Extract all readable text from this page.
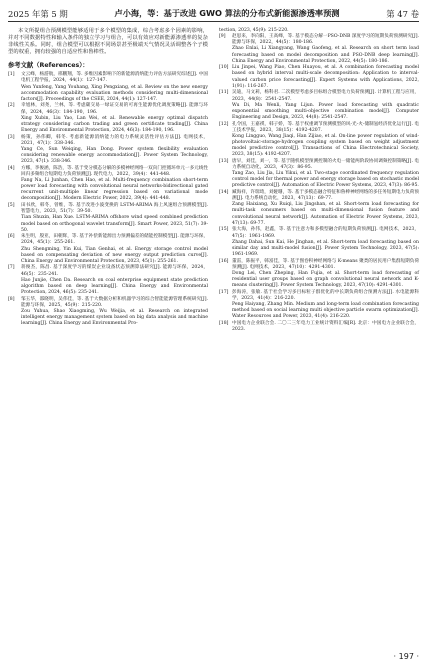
2025 年第 5 期	卢小海，等：基于改进 GWO 算法的分布式新能源渗透率预测	第 47 卷

本文所提组合预测模型能够适用于多个模型的集成，综合考虑多个因素的影响，并对不同数据特性和输入条件的独立学习与组合，可以有效应对新能源渗透率的复杂非线性关系。同时，组合模型可以根据不同场景甚至极端天气情况灵活调整各个子模型的权重，拥有较强的自适应性和鲁棒性。

参考文献（References）：
[1]	文云峰，杨游航，邢鹏翔，等. 多维因素影响下的新能源消纳能力评估方法研究综述[J]. 中国电机工程学报，2024，44(1)：127-147.
Wen Yunfeng, Yang Youhang, Xing Pengxiang, et al. Review on the new energy accommodation capability evaluation methods considering multi-dimensional factors[J]. Proceedings of the CSEE, 2024, 44(1): 127-147.
[2]	幸旭林，刘尧，兰林，等. 考虑碳交易一绿证交易的可再生能源优化调度策略[J]. 能源与环保，2024，46(3)：184-190，196.
Xing Xubin, Liu Yao, Lan Wei, et al. Renewable energy optimal dispatch strategy considering carbon trading and green certificate trading[J]. China Energy and Environmental Protection, 2024, 46(3): 184-190, 196.
[3]	杨策，孙伟卿，韩冬. 考虑新能源消纳能力的电力系统灵活性评估方法[J]. 电网技术，2021，47(1)：338-346.
Yang Ce, Sun Weiqing, Han Dong. Power system flexibility evaluation considering renewable energy accommodation[J]. Power System Technology, 2023, 47(1): 338-346.
[4]	方娜，李俊涵，陈浩，等. 基于变分模态分解的多模神经网络一双向门控循环单元一多元线性回归多频组合短期电力负荷预测[J]. 现代电力，2022，39(4)：441-448.
Fang Na, Li Junhan, Chen Hao, et al. Multi-frequency combination short-term power load forecasting with convolutional neural networks-bidirectional gated recurrent unit-multiple linear regression based on variational mode decomposition[J]. Modern Electric Power, 2022, 39(4): 441-448.
[5]	田书欣，韩冬，曾维，等. 基于改进小波变换的 LSTM-ARIMA 海上风速组合预测模型[J]. 智慧电力，2023，51(7)：39-50.
Tian Shuxin, Han Xue. LSTM-ARIMA offshore wind speed combined prediction model based on orthogonal wavelet transform[J]. Smart Power, 2023, 51(7): 39-50.
[6]	朱生明，殷亚，田朝辉，等. 基于补偿新能源出力预测偏差的储能控制模型[J]. 能源与环保，2024，45(1)：255-261.
Zhu Shengming, Yin Kui, Tian Genhai, et al. Energy storage control model based on compensating deviation of new energy output prediction curve[J]. China Energy and Environmental Protection, 2023, 45(1): 255-261.
[7]	蒋俊杰，陈昌. 基于深度学习的煤炭企业设备状态预测算法研究[J]. 能源与环保，2024，46(5)：235-241.
Hao Junjie, Chen Da. Research on coal enterprise equipment state prediction algorithm based on deep learning[J]. China Energy and Environmental Protection, 2024, 46(5): 235-241.
[8]	邹玉华，邵晓明，吴伟佳，等. 基于大数据分析和机器学习的综合智能能源管理系统研究[J]. 能源与环保，2025，45(9)：215-220.
Zou Yuhua, Shao Xiaogming, Wu Weijia, et al. Research on integrated intelligent energy management system based on big data analysis and machine learning[J]. China Energy and Environmental Pro-
tection, 2023, 45(9): 215-220.
[9]	赵思来，李向阳，王高峰，等. 基于模态分解一PSO-DNB 深度学习的短期负荷预测研究[J]. 能源与环保，2022，44(5)：180-186.
Zhao Enlai, Li Xiangyang, Wang Gaofeng, et al. Research on short term load forecasting based on model decomposition and PSO-DNB deep learning[J]. China Energy and Environmental Protection, 2022, 44(5): 180-186.
[10] Liu Jinpei, Wang Piao, Chen Huayou, et al. A combination forecasting model based on hybrid interval multi-scale decomposition: Application to interval-valued carbon price forecasting[J]. Expert Systems with Applications, 2022, 1(91): 116-267.
[11] 吴迪，马文莉，杨科君. 二次模型考虑多目标组合模型电力负荷预测[J]. 计算机工程与应用，2023，44(8)：2541-2547.
Wu Di, Ma Wenli, Yang Lijun. Power load forecasting with quadratic exponential smoothing multi-objective combination model[J]. Computer Engineering and Design, 2023, 44(8): 2541-2547.
[12] 孔令国，王嘉祺，韩子娇，等. 基于权重调节预测模型的风-光-火-储制氢经济优化运行[J]. 电工技术学报，2023，38(15)：4192-4207.
Kong Lingguo, Wang Jiaqi, Han Zijiao, et al. On-line power regulation of wind-photovoltaic-storage-hydrogen coupling system based on weight adjustment model predictive control[J]. Transactions of China Electrotechnical Society, 2023, 38(15): 4192-4207.
[13] 唐早，刘佳，刘一，等. 基于随机模型预测控制的火电一储能两阶段协同调频控制策略[J]. 电力系统自动化，2023，47(3)：86-95.
Tang Zao, Liu Jia, Liu Yikui, et al. Two-stage coordinated frequency regulation control model for thermal power and energy storage based on stochastic model predictive control[J]. Automation of Electric Power Systems, 2023, 47(3): 86-95.
[14] 臧海祥，许瑞琦，刘娅珊，等. 基于多模态融合特征和鲁棒神经网络的多任务短期电力负荷预测[J]. 电力系统自动化，2023，47(13)：69-77.
Zang Haixiang, Xu Ruiqi, Liu Jingshan, et al. Short-term load forecasting for multi-task consumers based on multi-dimensional fusion feature and convolutional neural network[J]. Automation of Electric Power Systems, 2023, 47(13): 69-77.
[15] 张大海，孙伟，赵鑫，等. 基于注意力和多模型融合的短期负荷预测[J]. 电网技术，2023，47(5)：1961-1969.
Zhang Dahai, Sun Kai, He Jinghan, et al. Short-term load forecasting based on similar day and multi-model fusion[J]. Power System Technology, 2023, 47(5): 1961-1969.
[16] 董雷，陈振平，韩富佳，等. 基于图卷积神经网络与 K-means 聚类的居民用户集群短期负荷预测[J]. 电网技术，2023，47(10)：4291-4301.
Dong Lei, Chen Zheping, Han Fujia, et al. Short-term load forecasting of residential user groups based on graph convolutional neural network and K-means clustering[J]. Power System Technology, 2023, 47(10): 4291-4301.
[17] 彭海涛，张敏. 基于社会学习多目标粒子群优化的中长期负荷组合预测方法[J]. 水电能源科学，2023，41(4)：216-220.
Peng Haiyang, Zhang Min. Medium and long-term load combination forecasting method based on social learning multi objective particle swarm optimization[J]. Water Resources and Power, 2023, 41(4): 216-220.
[18] 中国电力企业联合会. 二〇二三年电力工业统计资料汇编[R]. 北京：中国电力企业联合会，2023.
· 197 ·
